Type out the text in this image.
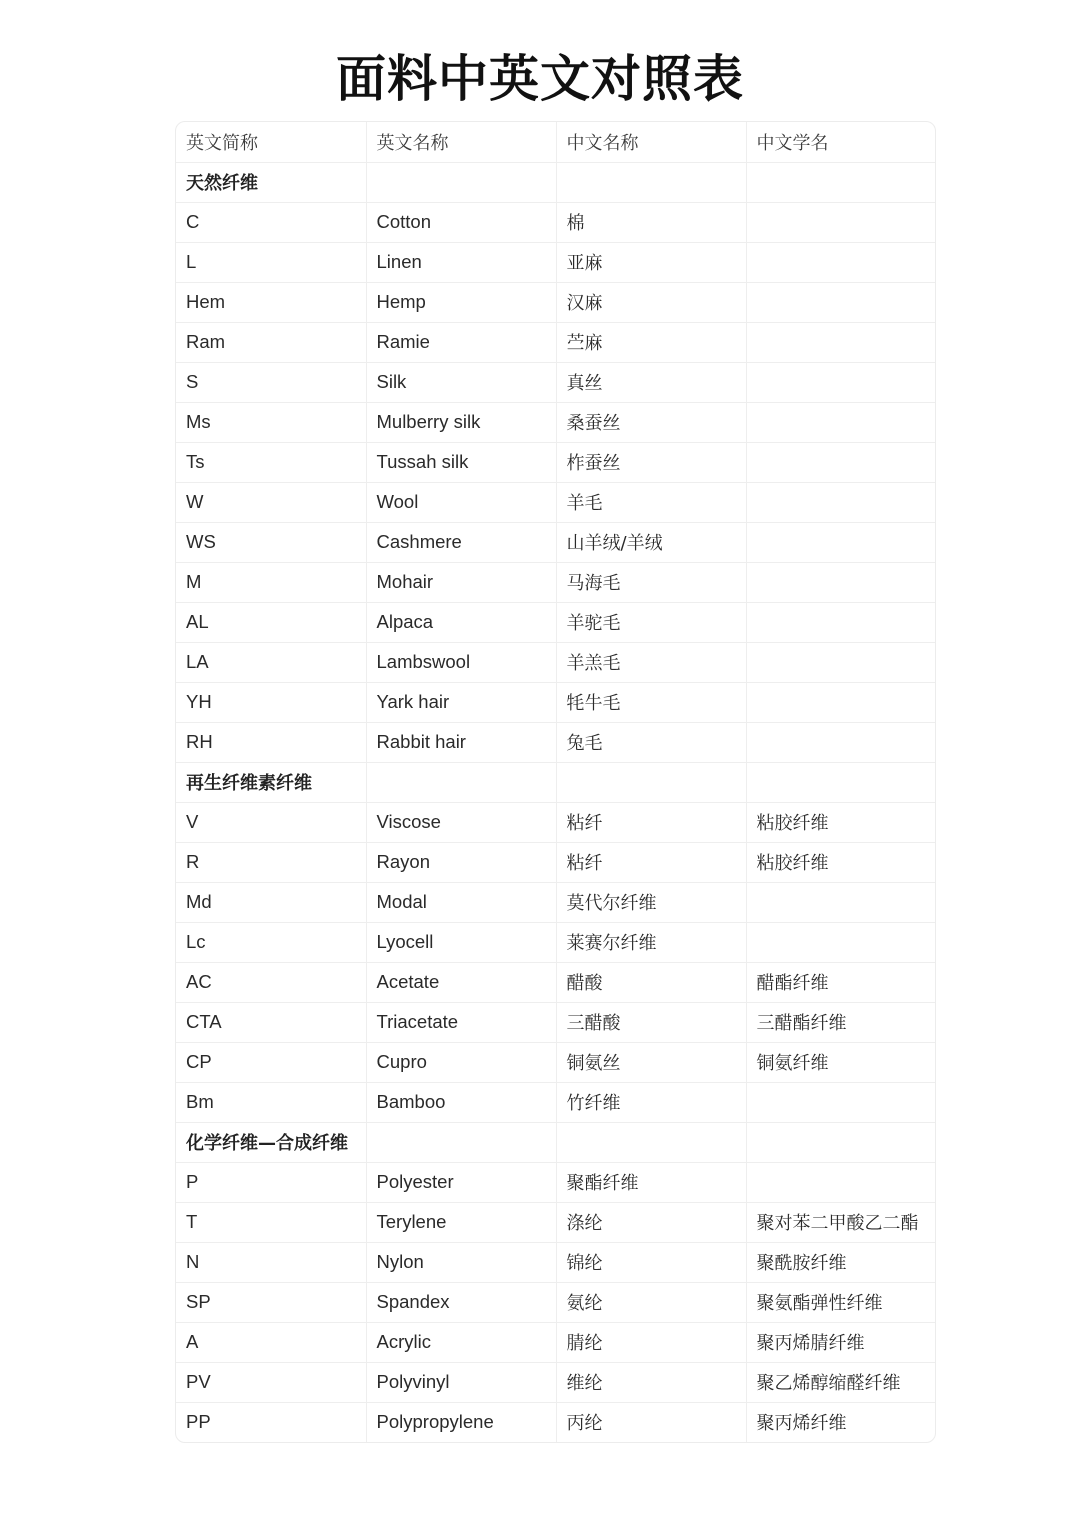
面料中英文对照表
英文简称	英文名称	中文名称	中文学名
天然纤维			
C	Cotton	棉	
L	Linen	亚麻	
Hem	Hemp	汉麻	
Ram	Ramie	苎麻	
S	Silk	真丝	
Ms	Mulberry silk	桑蚕丝	
Ts	Tussah silk	柞蚕丝	
W	Wool	羊毛	
WS	Cashmere	山羊绒/羊绒	
M	Mohair	马海毛	
AL	Alpaca	羊驼毛	
LA	Lambswool	羊羔毛	
YH	Yark hair	牦牛毛	
RH	Rabbit hair	兔毛	
再生纤维素纤维			
V	Viscose	粘纤	粘胶纤维
R	Rayon	粘纤	粘胶纤维
Md	Modal	莫代尔纤维	
Lc	Lyocell	莱赛尔纤维	
AC	Acetate	醋酸	醋酯纤维
CTA	Triacetate	三醋酸	三醋酯纤维
CP	Cupro	铜氨丝	铜氨纤维
Bm	Bamboo	竹纤维	
化学纤维—合成纤维			
P	Polyester	聚酯纤维	
T	Terylene	涤纶	聚对苯二甲酸乙二酯
N	Nylon	锦纶	聚酰胺纤维
SP	Spandex	氨纶	聚氨酯弹性纤维
A	Acrylic	腈纶	聚丙烯腈纤维
PV	Polyvinyl	维纶	聚乙烯醇缩醛纤维
PP	Polypropylene	丙纶	聚丙烯纤维
